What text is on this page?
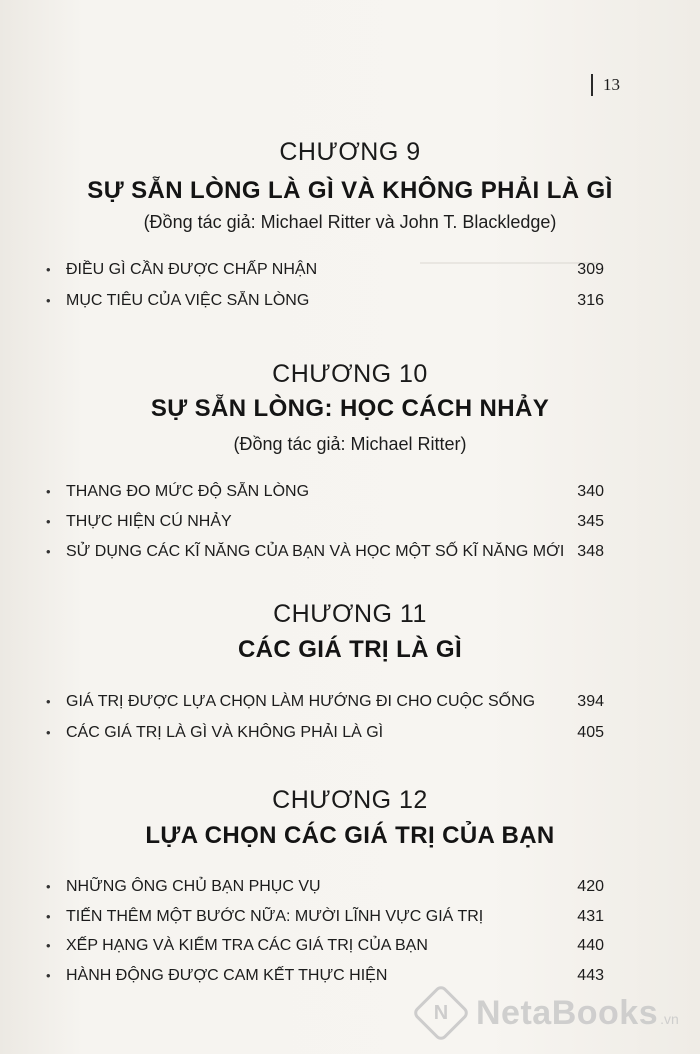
13
CHƯƠNG 9
SỰ SẴN LÒNG LÀ GÌ VÀ KHÔNG PHẢI LÀ GÌ
(Đồng tác giả: Michael Ritter và John T. Blackledge)
• ĐIỀU GÌ CẦN ĐƯỢC CHẤP NHẬN	309
• MỤC TIÊU CỦA VIỆC SẴN LÒNG	316
CHƯƠNG 10
SỰ SẴN LÒNG: HỌC CÁCH NHẢY
(Đồng tác giả: Michael Ritter)
• THANG ĐO MỨC ĐỘ SẴN LÒNG	340
• THỰC HIỆN CÚ NHẢY	345
• SỬ DỤNG CÁC KĨ NĂNG CỦA BẠN VÀ HỌC MỘT SỐ KĨ NĂNG MỚI 348
CHƯƠNG 11
CÁC GIÁ TRỊ LÀ GÌ
• GIÁ TRỊ ĐƯỢC LỰA CHỌN LÀM HƯỚNG ĐI CHO CUỘC SỐNG	394
• CÁC GIÁ TRỊ LÀ GÌ VÀ KHÔNG PHẢI LÀ GÌ	405
CHƯƠNG 12
LỰA CHỌN CÁC GIÁ TRỊ CỦA BẠN
• NHỮNG ÔNG CHỦ BẠN PHỤC VỤ	420
• TIẾN THÊM MỘT BƯỚC NỮA: MƯỜI LĨNH VỰC GIÁ TRỊ	431
• XẾP HẠNG VÀ KIỂM TRA CÁC GIÁ TRỊ CỦA BẠN	440
• HÀNH ĐỘNG ĐƯỢC CAM KẾT THỰC HIỆN	443
N NetaBooks .vn
